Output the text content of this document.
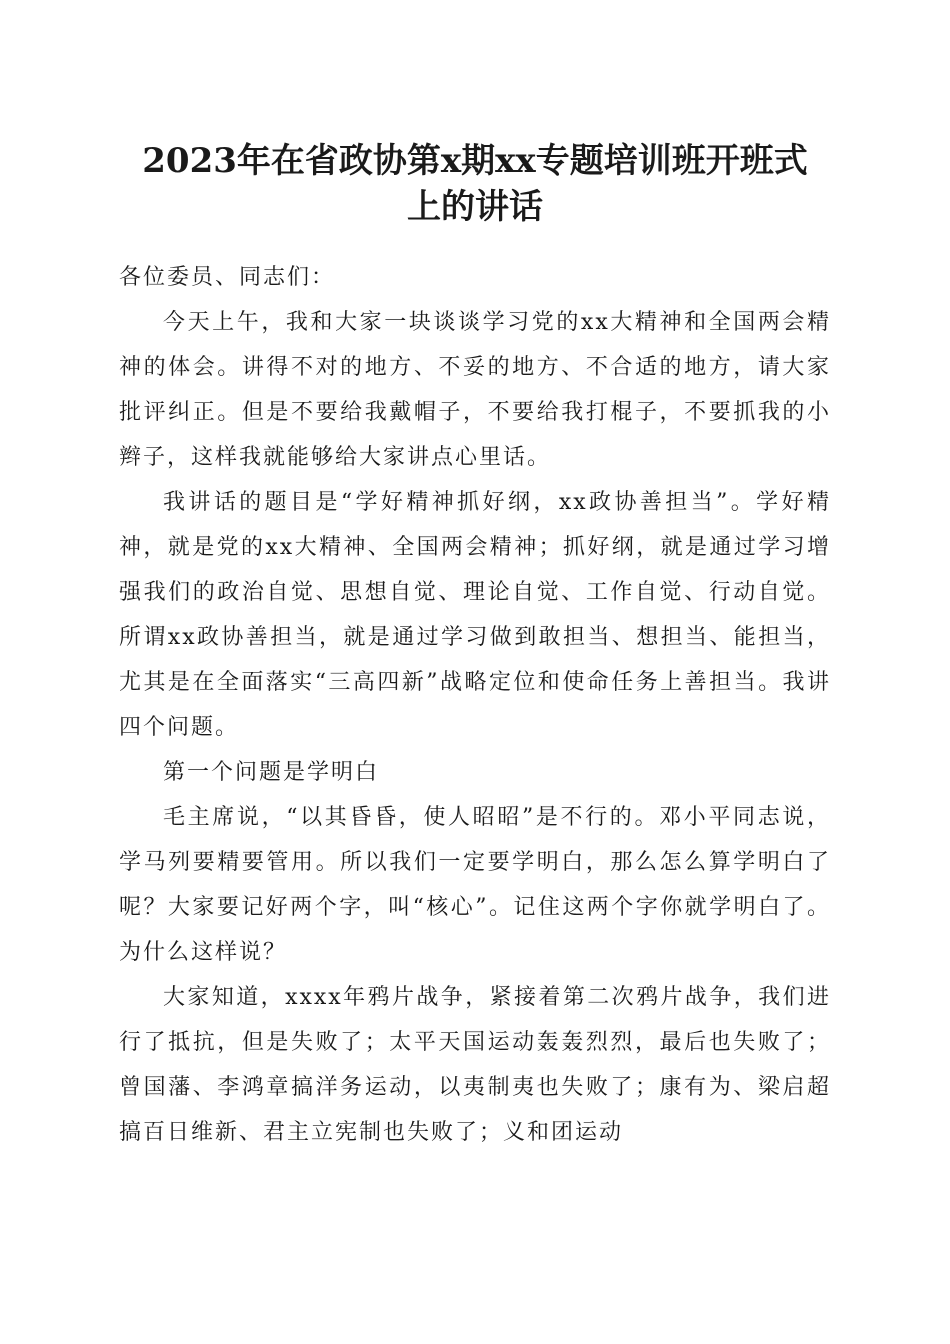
2023年在省政协第x期xx专题培训班开班式
上的讲话

各位委员、同志们：

今天上午，我和大家一块谈谈学习党的xx大精神和全国两会精神的体会。讲得不对的地方、不妥的地方、不合适的地方，请大家批评纠正。但是不要给我戴帽子，不要给我打棍子，不要抓我的小辫子，这样我就能够给大家讲点心里话。

我讲话的题目是“学好精神抓好纲，xx政协善担当”。学好精神，就是党的xx大精神、全国两会精神；抓好纲，就是通过学习增强我们的政治自觉、思想自觉、理论自觉、工作自觉、行动自觉。所谓xx政协善担当，就是通过学习做到敢担当、想担当、能担当，尤其是在全面落实“三高四新”战略定位和使命任务上善担当。我讲四个问题。

第一个问题是学明白

毛主席说，“以其昏昏，使人昭昭”是不行的。邓小平同志说，学马列要精要管用。所以我们一定要学明白，那么怎么算学明白了呢？大家要记好两个字，叫“核心”。记住这两个字你就学明白了。为什么这样说？

大家知道，xxxx年鸦片战争，紧接着第二次鸦片战争，我们进行了抵抗，但是失败了；太平天国运动轰轰烈烈，最后也失败了；曾国藩、李鸿章搞洋务运动，以夷制夷也失败了；康有为、梁启超搞百日维新、君主立宪制也失败了；义和团运动
